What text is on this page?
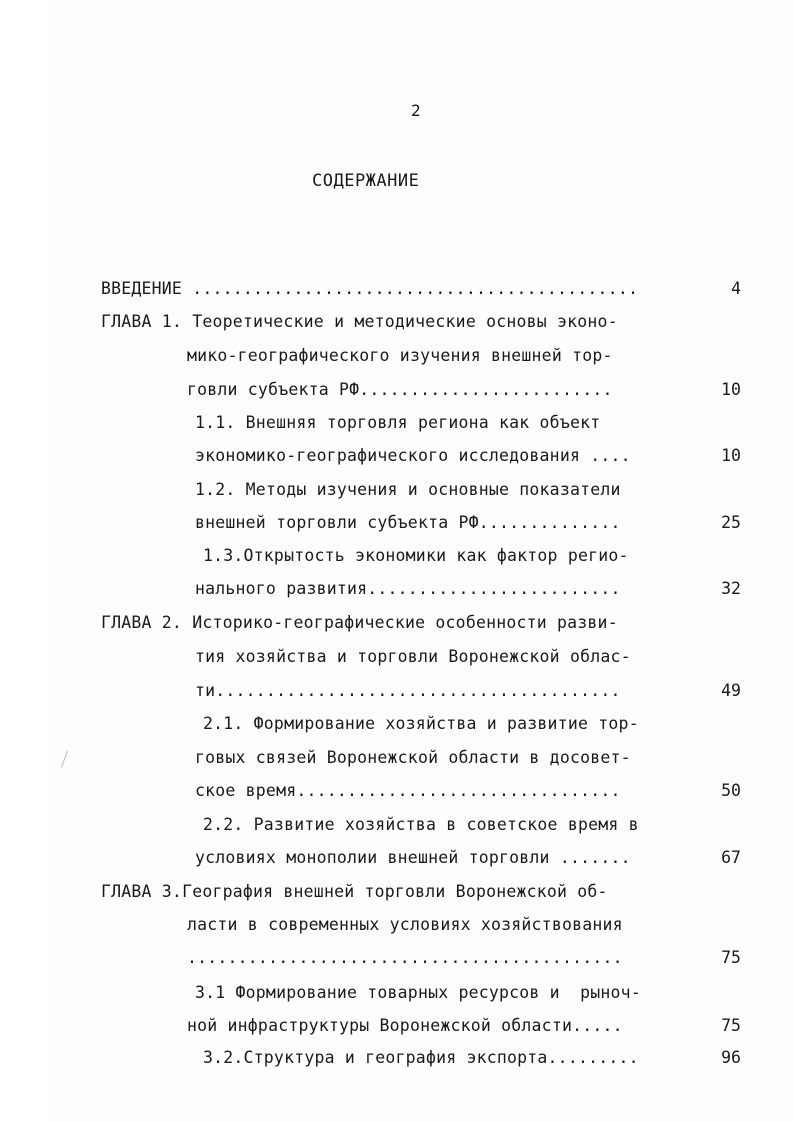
2
СОДЕРЖАНИЕ
ВВЕДЕНИЕ ............................................	4
ГЛАВА 1. Теоретические и методические основы эконо-
мико-географического изучения внешней тор-
говли субъекта РФ.........................	10
1.1. Внешняя торговля региона как объект
экономико-географического исследования ....	10
1.2. Методы изучения и основные показатели
внешней торговли субъекта РФ..............	25
1.3.Открытость экономики как фактор регио-
нального развития.........................	32
ГЛАВА 2. Историко-географические особенности разви-
тия хозяйства и торговли Воронежской облас-
ти........................................	49
2.1. Формирование хозяйства и развитие тор-
говых связей Воронежской области в досовет-
ское время................................	50
2.2. Развитие хозяйства в советское время в
условиях монополии внешней торговли .......	67
ГЛАВА 3.География внешней торговли Воронежской об-
ласти в современных условиях хозяйствования
...........................................	75
3.1 Формирование товарных ресурсов и  рыноч-
ной инфраструктуры Воронежской области.....	75
3.2.Структура и география экспорта.........	96
